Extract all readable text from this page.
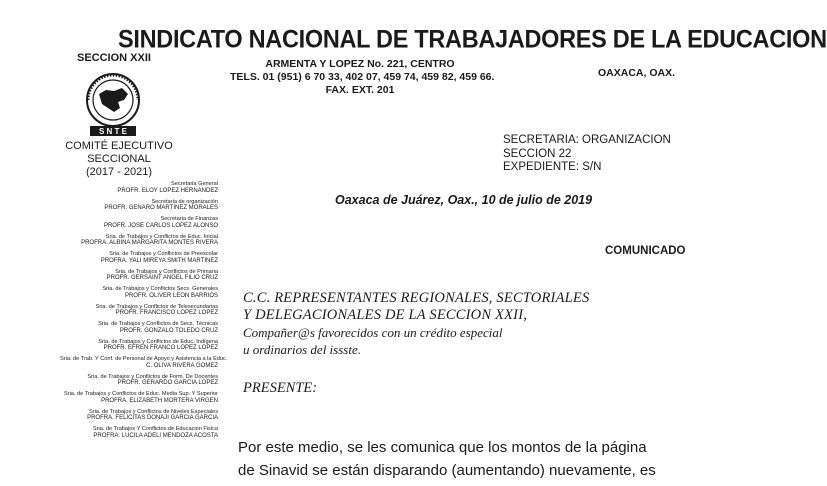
SINDICATO NACIONAL DE TRABAJADORES DE LA EDUCACION
SECCION XXII	ARMENTA Y LOPEZ No. 221, CENTRO
TELS. 01 (951) 6 70 33, 402 07, 459 74, 459 82, 459 66.
FAX. EXT. 201
OAXACA, OAX.
S N T E
COMITÉ EJECUTIVO SECCIONAL
(2017 - 2021)
Secretaria General
PROFR. ELOY LOPEZ HERNANDEZ
Secretaria de organización
PROFR. GENARO MARTINEZ MORALES
Secretaria de Finanzas
PROFR. JOSE CARLOS LOPEZ ALONSO
Sria. de Trabajos y Conflictos de Educ. Inicial
PROFRA. ALBINA MARGARITA MONTES RIVERA
Sria. de Trabajos y Conflictos de Preescolar
PROFRA. YALI MIREYA SMITH MARTINEZ
Sria. de Trabajos y Conflictos de Primaria
PROFR. GERSAINT ANGEL FILIO CRUZ
Sria. de Trabajos y Conflictos Secs. Generales
PROFR. OLIVER LEON BARRIOS
Sria. de Trabajos y Conflictos de Telesecundarias
PROFR. FRANCISCO LOPEZ LOPEZ
Sria. de Trabajos y Conflictos de Secs. Técnicas
PROFR. GONZALO TOLEDO CRUZ
Sria. de Trabajos y Conflictos de Educ. Indígena
PROFR. EFREN FRANCO LOPEZ LOPEZ
Sria. de Trab. Y Conf. de Personal de Apoyo y Asistencia a la Educ.
C. OLIVA RIVERA GOMEZ
Sria. de Trabajos y Conflictos de Form. De Docentes
PROFR. GERARDO GARCIA LOPEZ
Sria. de Trabajos y Conflictos de Educ. Media Sup. Y Superior
PROFRA. ELIZABETH MORTERA VIRGEN
Sria. de Trabajos y Conflictos de Niveles Especiales
PROFRA. FELICITAS DONAJI GARCIA GARCIA
Sria. de Trabajos Y Conflictos de Educacion Fisica
PROFRA. LUCILA ADELI MENDOZA ACOSTA
SECRETARIA: ORGANIZACION
SECCION 22
EXPEDIENTE: S/N
Oaxaca de Juárez, Oax., 10 de julio de 2019
COMUNICADO
C.C. REPRESENTANTES REGIONALES, SECTORIALES
Y DELEGACIONALES DE LA SECCION XXII,
Compañer@s favorecidos con un crédito especial
u ordinarios del issste.
PRESENTE:
Por este medio, se les comunica que los montos de la página
de Sinavid se están disparando (aumentando) nuevamente, es
